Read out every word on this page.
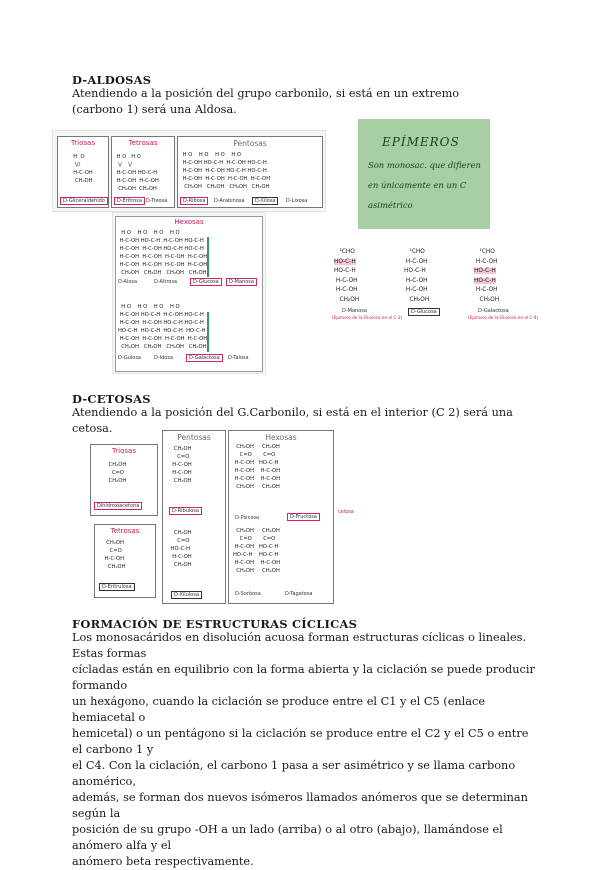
D-ALDOSAS
Atendiendo a la posición del grupo carbonilo, si está en un extremo (carbono 1) será una Aldosa.
Triosas
H  O
\//
H-C-OH
CH₂OH
D-Gliceraldehído
Tetrosas
H O   H O
\/    \/
H-C-OH HO-C-H
H-C-OH  H-C-OH
CH₂OH  CH₂OH
D-Eritrosa D-Treosa
Pentosas
H O    H O    H O    H O
H-C-OH HO-C-H  H-C-OH HO-C-H
H-C-OH  H-C-OH HO-C-H HO-C-H
H-C-OH  H-C-OH  H-C-OH  H-C-OH
CH₂OH   CH₂OH   CH₂OH   CH₂OH
D-Ribosa	D-Arabinosa	D-Xilosa	D-Lixosa
Hexosas
H O    H O    H O    H O
H-C-OH HO-C-H  H-C-OH HO-C-H
H-C-OH  H-C-OH HO-C-H HO-C-H
H-C-OH  H-C-OH  H-C-OH  H-C-OH
H-C-OH  H-C-OH  H-C-OH  H-C-OH
CH₂OH   CH₂OH   CH₂OH   CH₂OH
D-Alosa	D-Altrosa	D-Glucosa	D-Manosa
H O    H O    H O    H O
H-C-OH HO-C-H  H-C-OH HO-C-H
H-C-OH  H-C-OH HO-C-H HO-C-H
HO-C-H  HO-C-H  HO-C-H  HO-C-H
H-C-OH  H-C-OH  H-C-OH  H-C-OH
CH₂OH   CH₂OH   CH₂OH   CH₂OH
D-Gulosa	D-Idosa	D-Galactosa	D-Talosa
EPÍMEROS
Son monosac. que difieren en únicamente en un C asimétrico
¹CHO
HO-C-H
HO-C-H
H-C-OH
H-C-OH
CH₂OH
D-Manosa
(Epímero de la Glucosa en el C-2)
¹CHO
H-C-OH
HO-C-H
H-C-OH
H-C-OH
CH₂OH
D-Glucosa
¹CHO
H-C-OH
HO-C-H
HO-C-H
H-C-OH
CH₂OH
D-Galactosa
(Epímero de la Glucosa en el C-4)
D-CETOSAS
Atendiendo a la posición del G.Carbonilo, si está en el interior (C 2) será una cetosa.
Triosas
CH₂OH
C=O
CH₂OH
Dihidroxiacetona
Tetrosas
CH₂OH
C=O
H-C-OH
CH₂OH
D-Eritrulosa
Pentosas
CH₂OH
C=O
H-C-OH
H-C-OH
CH₂OH
D-Ribulosa
CH₂OH
C=O
HO-C-H
H-C-OH
CH₂OH
D-Xilulosa
Hexosas
CH₂OH     CH₂OH
C=O       C=O
H-C-OH   HO-C-H
H-C-OH    H-C-OH
H-C-OH    H-C-OH
CH₂OH     CH₂OH
D-Psicosa	D-Fructosa
CH₂OH     CH₂OH
C=O       C=O
H-C-OH   HO-C-H
HO-C-H    HO-C-H
H-C-OH    H-C-OH
CH₂OH     CH₂OH
D-Sorbosa	D-Tagatosa
cetosa
FORMACIÓN DE ESTRUCTURAS CÍCLICAS
Los monosacáridos en disolución acuosa forman estructuras cíclicas o lineales. Estas formas
cícladas están en equilibrio con la forma abierta y la ciclación se puede producir formando
un hexágono, cuando la ciclación se produce entre el C1 y el C5 (enlace hemiacetal o
hemicetal) o un pentágono si la ciclación se produce entre el C2 y el C5 o entre el carbono 1 y
el C4. Con la ciclación, el carbono 1 pasa a ser asimétrico y se llama carbono anomérico,
además, se forman dos nuevos isómeros llamados anómeros que se determinan según la
posición de su grupo -OH a un lado (arriba) o al otro (abajo), llamándose el anómero alfa y el
anómero beta respectivamente.
